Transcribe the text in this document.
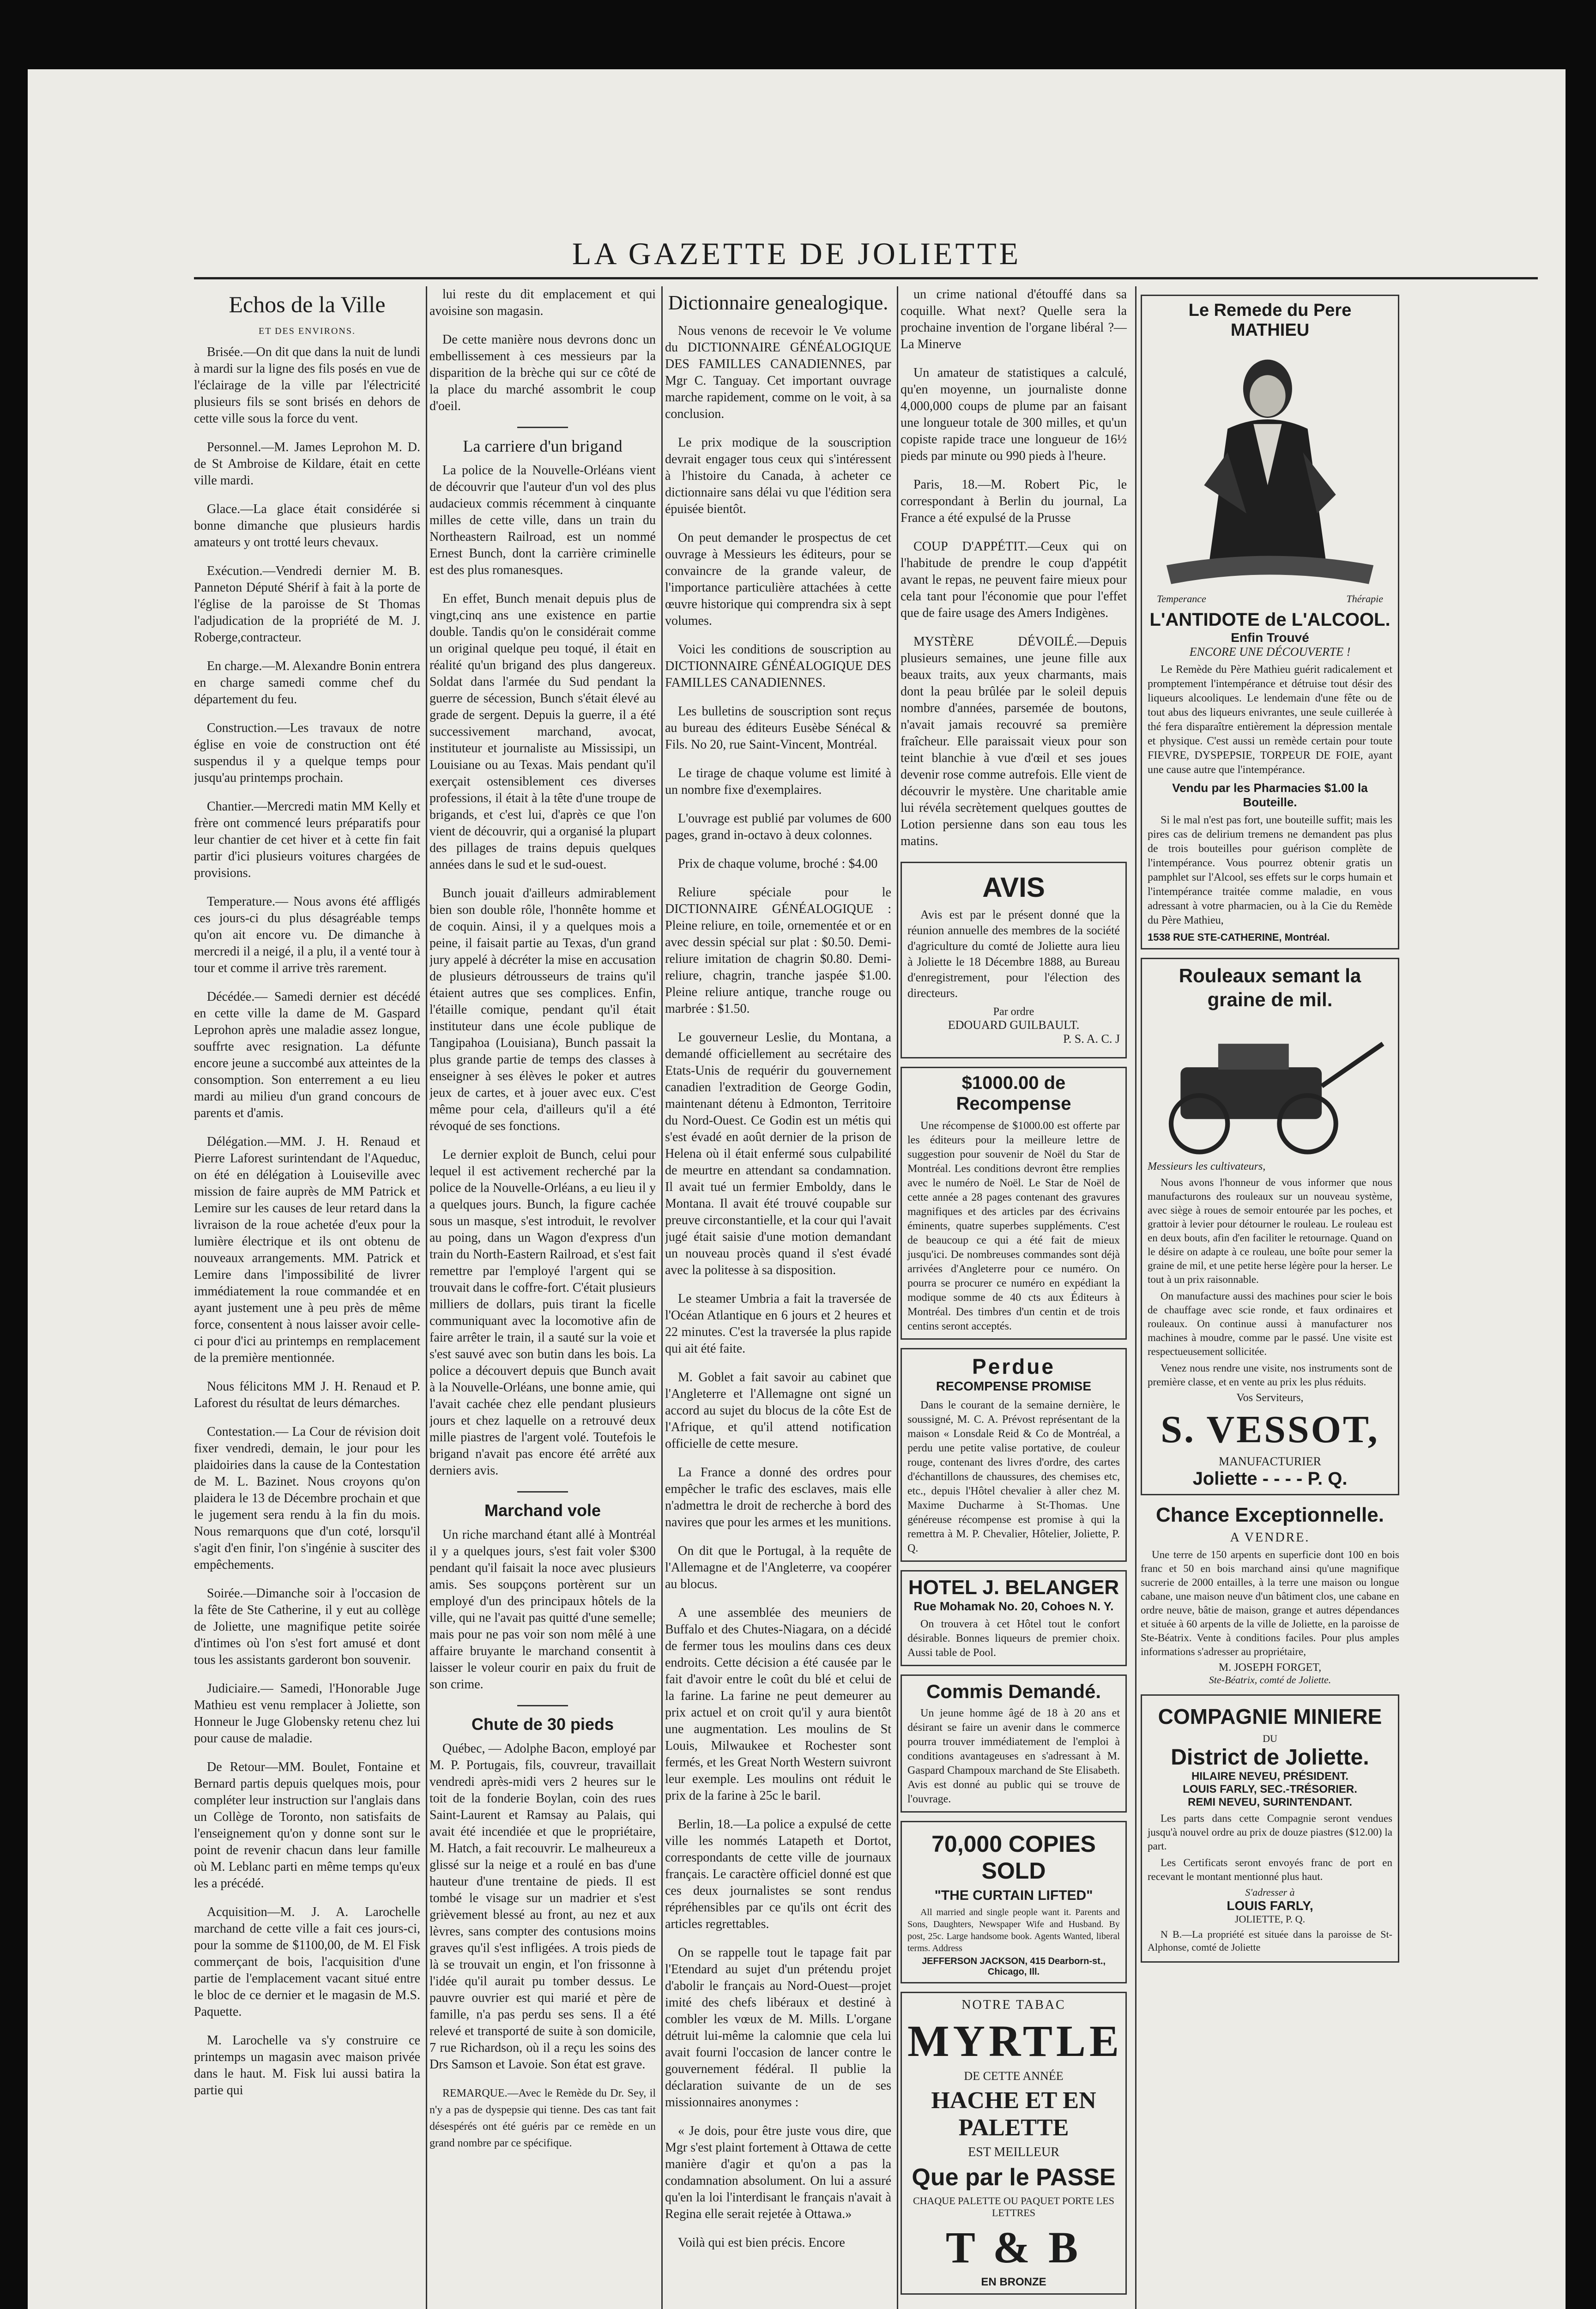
LA GAZETTE DE JOLIETTE
Echos de la Ville
ET DES ENVIRONS.

Brisée.—On dit que dans la nuit de lundi à mardi sur la ligne des fils posés en vue de l'éclairage de la ville par l'électricité plusieurs fils se sont brisés en dehors de cette ville sous la force du vent.

Personnel.—M. James Leprohon M. D. de St Ambroise de Kildare, était en cette ville mardi.

Glace.—La glace était considérée si bonne dimanche que plusieurs hardis amateurs y ont trotté leurs chevaux.

Exécution.—Vendredi dernier M. B. Panneton Député Shérif à fait à la porte de l'église de la paroisse de St Thomas l'adjudication de la propriété de M. J. Roberge,contracteur.

En charge.—M. Alexandre Bonin entrera en charge samedi comme chef du département du feu.

Construction.—Les travaux de notre église en voie de construction ont été suspendus il y a quelque temps pour jusqu'au printemps prochain.

Chantier.—Mercredi matin MM Kelly et frère ont commencé leurs préparatifs pour leur chantier de cet hiver et à cette fin fait partir d'ici plusieurs voitures chargées de provisions.

Temperature.— Nous avons été affligés ces jours-ci du plus désagréable temps qu'on ait encore vu. De dimanche à mercredi il a neigé, il a plu, il a venté tour à tour et comme il arrive très rarement.

Décédée.— Samedi dernier est décédé en cette ville la dame de M. Gaspard Leprohon après une maladie assez longue, souffrte avec resignation. La défunte encore jeune a succombé aux atteintes de la consomption. Son enterrement a eu lieu mardi au milieu d'un grand concours de parents et d'amis.

Délégation.—MM. J. H. Renaud et Pierre Laforest surintendant de l'Aqueduc, on été en délégation à Louiseville avec mission de faire auprès de MM Patrick et Lemire sur les causes de leur retard dans la livraison de la roue achetée d'eux pour la lumière électrique et ils ont obtenu de nouveaux arrangements. MM. Patrick et Lemire dans l'impossibilité de livrer immédiatement la roue commandée et en ayant justement une à peu près de même force, consentent à nous laisser avoir celle-ci pour d'ici au printemps en remplacement de la première mentionnée.

Nous félicitons MM J. H. Renaud et P. Laforest du résultat de leurs démarches.

Contestation.— La Cour de révision doit fixer vendredi, demain, le jour pour les plaidoiries dans la cause de la Contestation de M. L. Bazinet. Nous croyons qu'on plaidera le 13 de Décembre prochain et que le jugement sera rendu à la fin du mois. Nous remarquons que d'un coté, lorsqu'il s'agit d'en finir, l'on s'ingénie à susciter des empêchements.

Soirée.—Dimanche soir à l'occasion de la fête de Ste Catherine, il y eut au collège de Joliette, une magnifique petite soirée d'intimes où l'on s'est fort amusé et dont tous les assistants garderont bon souvenir.

Judiciaire.— Samedi, l'Honorable Juge Mathieu est venu remplacer à Joliette, son Honneur le Juge Globensky retenu chez lui pour cause de maladie.

De Retour—MM. Boulet, Fontaine et Bernard partis depuis quelques mois, pour compléter leur instruction sur l'anglais dans un Collège de Toronto, non satisfaits de l'enseignement qu'on y donne sont sur le point de revenir chacun dans leur famille où M. Leblanc parti en même temps qu'eux les a précédé.

Acquisition—M. J. A. Larochelle marchand de cette ville a fait ces jours-ci, pour la somme de $1100,00, de M. El Fisk commerçant de bois, l'acquisition d'une partie de l'emplacement vacant situé entre le bloc de ce dernier et le magasin de M.S. Paquette.

M. Larochelle va s'y construire ce printemps un magasin avec maison privée dans le haut. M. Fisk lui aussi batira la partie qui

lui reste du dit emplacement et qui avoisine son magasin.

De cette manière nous devrons donc un embellissement à ces messieurs par la disparition de la brèche qui sur ce côté de la place du marché assombrit le coup d'oeil.

La carriere d'un brigand

La police de la Nouvelle-Orléans vient de découvrir que l'auteur d'un vol des plus audacieux commis récemment à cinquante milles de cette ville, dans un train du Northeastern Railroad, est un nommé Ernest Bunch, dont la carrière criminelle est des plus romanesques.

En effet, Bunch menait depuis plus de vingt,cinq ans une existence en partie double. Tandis qu'on le considérait comme un original quelque peu toqué, il était en réalité qu'un brigand des plus dangereux. Soldat dans l'armée du Sud pendant la guerre de sécession, Bunch s'était élevé au grade de sergent. Depuis la guerre, il a été successivement marchand, avocat, instituteur et journaliste au Mississipi, un Louisiane ou au Texas. Mais pendant qu'il exerçait ostensiblement ces diverses professions, il était à la tête d'une troupe de brigands, et c'est lui, d'après ce que l'on vient de découvrir, qui a organisé la plupart des pillages de trains depuis quelques années dans le sud et le sud-ouest.

Bunch jouait d'ailleurs admirablement bien son double rôle, l'honnête homme et de coquin. Ainsi, il y a quelques mois a peine, il faisait partie au Texas, d'un grand jury appelé à décréter la mise en accusation de plusieurs détrousseurs de trains qu'il étaient autres que ses complices. Enfin, l'étaille comique, pendant qu'il était instituteur dans une école publique de Tangipahoa (Louisiana), Bunch passait la plus grande partie de temps des classes à enseigner à ses élèves le poker et autres jeux de cartes, et à jouer avec eux. C'est même pour cela, d'ailleurs qu'il a été révoqué de ses fonctions.

Le dernier exploit de Bunch, celui pour lequel il est activement recherché par la police de la Nouvelle-Orléans, a eu lieu il y a quelques jours. Bunch, la figure cachée sous un masque, s'est introduit, le revolver au poing, dans un Wagon d'express d'un train du North-Eastern Railroad, et s'est fait remettre par l'employé l'argent qui se trouvait dans le coffre-fort. C'était plusieurs milliers de dollars, puis tirant la ficelle communiquant avec la locomotive afin de faire arrêter le train, il a sauté sur la voie et s'est sauvé avec son butin dans les bois. La police a découvert depuis que Bunch avait à la Nouvelle-Orléans, une bonne amie, qui l'avait cachée chez elle pendant plusieurs jours et chez laquelle on a retrouvé deux mille piastres de l'argent volé. Toutefois le brigand n'avait pas encore été arrêté aux derniers avis.

Marchand vole

Un riche marchand étant allé à Montréal il y a quelques jours, s'est fait voler $300 pendant qu'il faisait la noce avec plusieurs amis. Ses soupçons portèrent sur un employé d'un des principaux hôtels de la ville, qui ne l'avait pas quitté d'une semelle; mais pour ne pas voir son nom mêlé à une affaire bruyante le marchand consentit à laisser le voleur courir en paix du fruit de son crime.

Chute de 30 pieds

Québec, — Adolphe Bacon, employé par M. P. Portugais, fils, couvreur, travaillait vendredi après-midi vers 2 heures sur le toit de la fonderie Boylan, coin des rues Saint-Laurent et Ramsay au Palais, qui avait été incendiée et que le propriétaire, M. Hatch, a fait recouvrir. Le malheureux a glissé sur la neige et a roulé en bas d'une hauteur d'une trentaine de pieds. Il est tombé le visage sur un madrier et s'est grièvement blessé au front, au nez et aux lèvres, sans compter des contusions moins graves qu'il s'est infligées. A trois pieds de là se trouvait un engin, et l'on frissonne à l'idée qu'il aurait pu tomber dessus. Le pauvre ouvrier est qui marié et père de famille, n'a pas perdu ses sens. Il a été relevé et transporté de suite à son domicile, 7 rue Richardson, où il a reçu les soins des Drs Samson et Lavoie. Son état est grave.

REMARQUE.—Avec le Remède du Dr. Sey, il n'y a pas de dyspepsie qui tienne. Des cas tant fait désespérés ont été guéris par ce remède en un grand nombre par ce spécifique.

Dictionnaire genealogique.

Nous venons de recevoir le Ve volume du DICTIONNAIRE GÉNÉALOGIQUE DES FAMILLES CANADIENNES, par Mgr C. Tanguay. Cet important ouvrage marche rapidement, comme on le voit, à sa conclusion.

Le prix modique de la souscription devrait engager tous ceux qui s'intéressent à l'histoire du Canada, à acheter ce dictionnaire sans délai vu que l'édition sera épuisée bientôt.

On peut demander le prospectus de cet ouvrage à Messieurs les éditeurs, pour se convaincre de la grande valeur, de l'importance particulière attachées à cette œuvre historique qui comprendra six à sept volumes.

Voici les conditions de souscription au DICTIONNAIRE GÉNÉALOGIQUE DES FAMILLES CANADIENNES.

Les bulletins de souscription sont reçus au bureau des éditeurs Eusèbe Sénécal & Fils. No 20, rue Saint-Vincent, Montréal.

Le tirage de chaque volume est limité à un nombre fixe d'exemplaires.

L'ouvrage est publié par volumes de 600 pages, grand in-octavo à deux colonnes.

Prix de chaque volume, broché : $4.00

Reliure spéciale pour le DICTIONNAIRE GÉNÉALOGIQUE : Pleine reliure, en toile, ornementée et or en avec dessin spécial sur plat : $0.50. Demi-reliure imitation de chagrin $0.80. Demi-reliure, chagrin, tranche jaspée $1.00. Pleine reliure antique, tranche rouge ou marbrée : $1.50.

Le gouverneur Leslie, du Montana, a demandé officiellement au secrétaire des Etats-Unis de requérir du gouvernement canadien l'extradition de George Godin, maintenant détenu à Edmonton, Territoire du Nord-Ouest. Ce Godin est un métis qui s'est évadé en août dernier de la prison de Helena où il était enfermé sous culpabilité de meurtre en attendant sa condamnation. Il avait tué un fermier Emboldy, dans le Montana. Il avait été trouvé coupable sur preuve circonstantielle, et la cour qui l'avait jugé était saisie d'une motion demandant un nouveau procès quand il s'est évadé avec la politesse à sa disposition.

Le steamer Umbria a fait la traversée de l'Océan Atlantique en 6 jours et 2 heures et 22 minutes. C'est la traversée la plus rapide qui ait été faite.

M. Goblet a fait savoir au cabinet que l'Angleterre et l'Allemagne ont signé un accord au sujet du blocus de la côte Est de l'Afrique, et qu'il attend notification officielle de cette mesure.

La France a donné des ordres pour empêcher le trafic des esclaves, mais elle n'admettra le droit de recherche à bord des navires que pour les armes et les munitions.

On dit que le Portugal, à la requête de l'Allemagne et de l'Angleterre, va coopérer au blocus.

A une assemblée des meuniers de Buffalo et des Chutes-Niagara, on a décidé de fermer tous les moulins dans ces deux endroits. Cette décision a été causée par le fait d'avoir entre le coût du blé et celui de la farine. La farine ne peut demeurer au prix actuel et on croit qu'il y aura bientôt une augmentation. Les moulins de St Louis, Milwaukee et Rochester sont fermés, et les Great North Western suivront leur exemple. Les moulins ont réduit le prix de la farine à 25c le baril.

Berlin, 18.—La police a expulsé de cette ville les nommés Latapeth et Dortot, correspondants de cette ville de journaux français. Le caractère officiel donné est que ces deux journalistes se sont rendus répréhensibles par ce qu'ils ont écrit des articles regrettables.

On se rappelle tout le tapage fait par l'Etendard au sujet d'un prétendu projet d'abolir le français au Nord-Ouest—projet imité des chefs libéraux et destiné à combler les vœux de M. Mills. L'organe détruit lui-même la calomnie que cela lui avait fourni l'occasion de lancer contre le gouvernement fédéral. Il publie la déclaration suivante de un de ses missionnaires anonymes :

« Je dois, pour être juste vous dire, que Mgr s'est plaint fortement à Ottawa de cette manière d'agir et qu'on a pas la condamnation absolument. On lui a assuré qu'en la loi l'interdisant le français n'avait à Regina elle serait rejetée à Ottawa.»

Voilà qui est bien précis. Encore

un crime national d'étouffé dans sa coquille. What next? Quelle sera la prochaine invention de l'organe libéral ?—La Minerve

Un amateur de statistiques a calculé, qu'en moyenne, un journaliste donne 4,000,000 coups de plume par an faisant une longueur totale de 300 milles, et qu'un copiste rapide trace une longueur de 16½ pieds par minute ou 990 pieds à l'heure.

Paris, 18.—M. Robert Pic, le correspondant à Berlin du journal, La France a été expulsé de la Prusse

COUP D'APPÉTIT.—Ceux qui on l'habitude de prendre le coup d'appétit avant le repas, ne peuvent faire mieux pour cela tant pour l'économie que pour l'effet que de faire usage des Amers Indigènes.

MYSTÈRE DÉVOILÉ.—Depuis plusieurs semaines, une jeune fille aux beaux traits, aux yeux charmants, mais dont la peau brûlée par le soleil depuis nombre d'années, parsemée de boutons, n'avait jamais recouvré sa première fraîcheur. Elle paraissait vieux pour son teint blanchie à vue d'œil et ses joues devenir rose comme autrefois. Elle vient de découvrir le mystère. Une charitable amie lui révéla secrètement quelques gouttes de Lotion persienne dans son eau tous les matins.

AVIS

Avis est par le présent donné que la réunion annuelle des membres de la société d'agriculture du comté de Joliette aura lieu à Joliette le 18 Décembre 1888, au Bureau d'enregistrement, pour l'élection des directeurs.

Par ordre
EDOUARD GUILBAULT.
P. S. A. C. J
$1000.00 de Recompense

Une récompense de $1000.00 est offerte par les éditeurs pour la meilleure lettre de suggestion pour souvenir de Noël du Star de Montréal. Les conditions devront être remplies avec le numéro de Noël. Le Star de Noël de cette année a 28 pages contenant des gravures magnifiques et des articles par des écrivains éminents, quatre superbes suppléments. C'est de beaucoup ce qui a été fait de mieux jusqu'ici. De nombreuses commandes sont déjà arrivées d'Angleterre pour ce numéro. On pourra se procurer ce numéro en expédiant la modique somme de 40 cts aux Éditeurs à Montréal. Des timbres d'un centin et de trois centins seront acceptés.

Perdue
RECOMPENSE PROMISE

Dans le courant de la semaine dernière, le soussigné, M. C. A. Prévost représentant de la maison « Lonsdale Reid & Co de Montréal, a perdu une petite valise portative, de couleur rouge, contenant des livres d'ordre, des cartes d'échantillons de chaussures, des chemises etc, etc., depuis l'Hôtel chevalier à aller chez M. Maxime Ducharme à St-Thomas. Une généreuse récompense est promise à qui la remettra à M. P. Chevalier, Hôtelier, Joliette, P. Q.

HOTEL J. BELANGER
Rue Mohamak No. 20, Cohoes N. Y.

On trouvera à cet Hôtel tout le confort désirable. Bonnes liqueurs de premier choix. Aussi table de Pool.

Commis Demandé.

Un jeune homme âgé de 18 à 20 ans et désirant se faire un avenir dans le commerce pourra trouver immédiatement de l'emploi à conditions avantageuses en s'adressant à M. Gaspard Champoux marchand de Ste Elisabeth. Avis est donné au public qui se trouve de l'ouvrage.

70,000 COPIES SOLD
"THE CURTAIN LIFTED"

All married and single people want it. Parents and Sons, Daughters, Newspaper Wife and Husband. By post, 25c. Large handsome book. Agents Wanted, liberal terms. Address

JEFFERSON JACKSON, 415 Dearborn-st., Chicago, Ill.
NOTRE TABAC
MYRTLE
DE CETTE ANNÉE
HACHE ET EN PALETTE
EST MEILLEUR
Que par le PASSE
CHAQUE PALETTE OU PAQUET PORTE LES LETTRES
T & B
EN BRONZE
Le Remede du Pere MATHIEU
Temperance	Thérapie
L'ANTIDOTE de L'ALCOOL.
Enfin Trouvé
ENCORE UNE DÉCOUVERTE !

Le Remède du Père Mathieu guérit radicalement et promptement l'intempérance et détruise tout désir des liqueurs alcooliques. Le lendemain d'une fête ou de tout abus des liqueurs enivrantes, une seule cuillerée à thé fera disparaître entièrement la dépression mentale et physique. C'est aussi un remède certain pour toute FIEVRE, DYSPEPSIE, TORPEUR DE FOIE, ayant une cause autre que l'intempérance.

Vendu par les Pharmacies $1.00 la Bouteille.

Si le mal n'est pas fort, une bouteille suffit; mais les pires cas de delirium tremens ne demandent pas plus de trois bouteilles pour guérison complète de l'intempérance. Vous pourrez obtenir gratis un pamphlet sur l'Alcool, ses effets sur le corps humain et l'intempérance traitée comme maladie, en vous adressant à votre pharmacien, ou à la Cie du Remède du Père Mathieu,

1538 RUE STE-CATHERINE, Montréal.
Rouleaux semant la graine de mil.
Messieurs les cultivateurs,

Nous avons l'honneur de vous informer que nous manufacturons des rouleaux sur un nouveau système, avec siège à roues de semoir entourée par les poches, et grattoir à levier pour détourner le rouleau. Le rouleau est en deux bouts, afin d'en faciliter le retournage. Quand on le désire on adapte à ce rouleau, une boîte pour semer la graine de mil, et une petite herse légère pour la herser. Le tout à un prix raisonnable.

On manufacture aussi des machines pour scier le bois de chauffage avec scie ronde, et faux ordinaires et rouleaux. On continue aussi à manufacturer nos machines à moudre, comme par le passé. Une visite est respectueusement sollicitée.

Venez nous rendre une visite, nos instruments sont de première classe, et en vente au prix les plus réduits.

Vos Serviteurs,
S. VESSOT,
MANUFACTURIER
Joliette - - - - P. Q.
Chance Exceptionnelle.
A VENDRE.

Une terre de 150 arpents en superficie dont 100 en bois franc et 50 en bois marchand ainsi qu'une magnifique sucrerie de 2000 entailles, à la terre une maison ou longue cabane, une maison neuve d'un bâtiment clos, une cabane en ordre neuve, bâtie de maison, grange et autres dépendances et située à 60 arpents de la ville de Joliette, en la paroisse de Ste-Béatrix. Vente à conditions faciles. Pour plus amples informations s'adresser au propriétaire,

M. JOSEPH FORGET,
Ste-Béatrix, comté de Joliette.
COMPAGNIE MINIERE
DU
District de Joliette.
HILAIRE NEVEU, PRÉSIDENT.
LOUIS FARLY, SEC.-TRÉSORIER.
REMI NEVEU, SURINTENDANT.

Les parts dans cette Compagnie seront vendues jusqu'à nouvel ordre au prix de douze piastres ($12.00) la part.

Les Certificats seront envoyés franc de port en recevant le montant mentionné plus haut.

S'adresser à
LOUIS FARLY,
JOLIETTE, P. Q.

N B.—La propriété est située dans la paroisse de St-Alphonse, comté de Joliette
